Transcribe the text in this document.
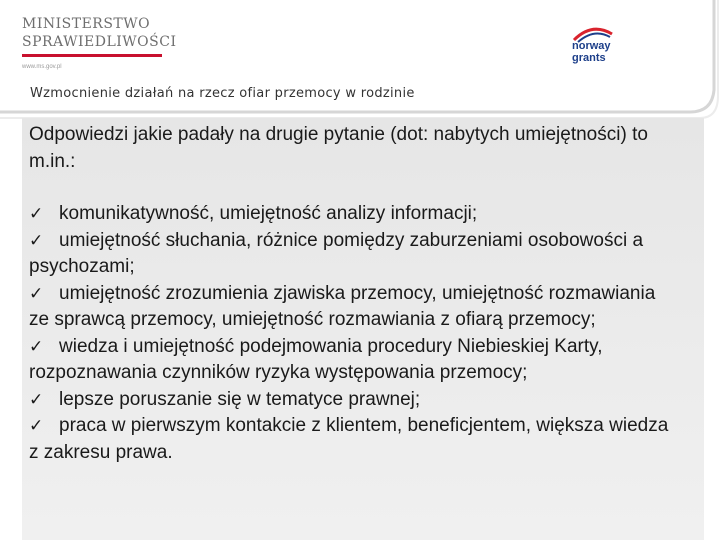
MINISTERSTWO
SPRAWIEDLIWOŚCI
www.ms.gov.pl
norway
grants
Wzmocnienie działań na rzecz ofiar przemocy w rodzinie

Odpowiedzi jakie padały na drugie pytanie (dot: nabytych umiejętności) to m.in.:

✓ komunikatywność, umiejętność analizy informacji;

✓ umiejętność słuchania, różnice pomiędzy zaburzeniami osobowości a psychozami;

✓ umiejętność zrozumienia zjawiska przemocy, umiejętność rozmawiania ze sprawcą przemocy, umiejętność rozmawiania z ofiarą przemocy;

✓ wiedza i umiejętność podejmowania procedury Niebieskiej Karty, rozpoznawania czynników ryzyka występowania przemocy;

✓ lepsze poruszanie się w tematyce prawnej;

✓ praca w pierwszym kontakcie z klientem, beneficjentem, większa wiedza z zakresu prawa.
